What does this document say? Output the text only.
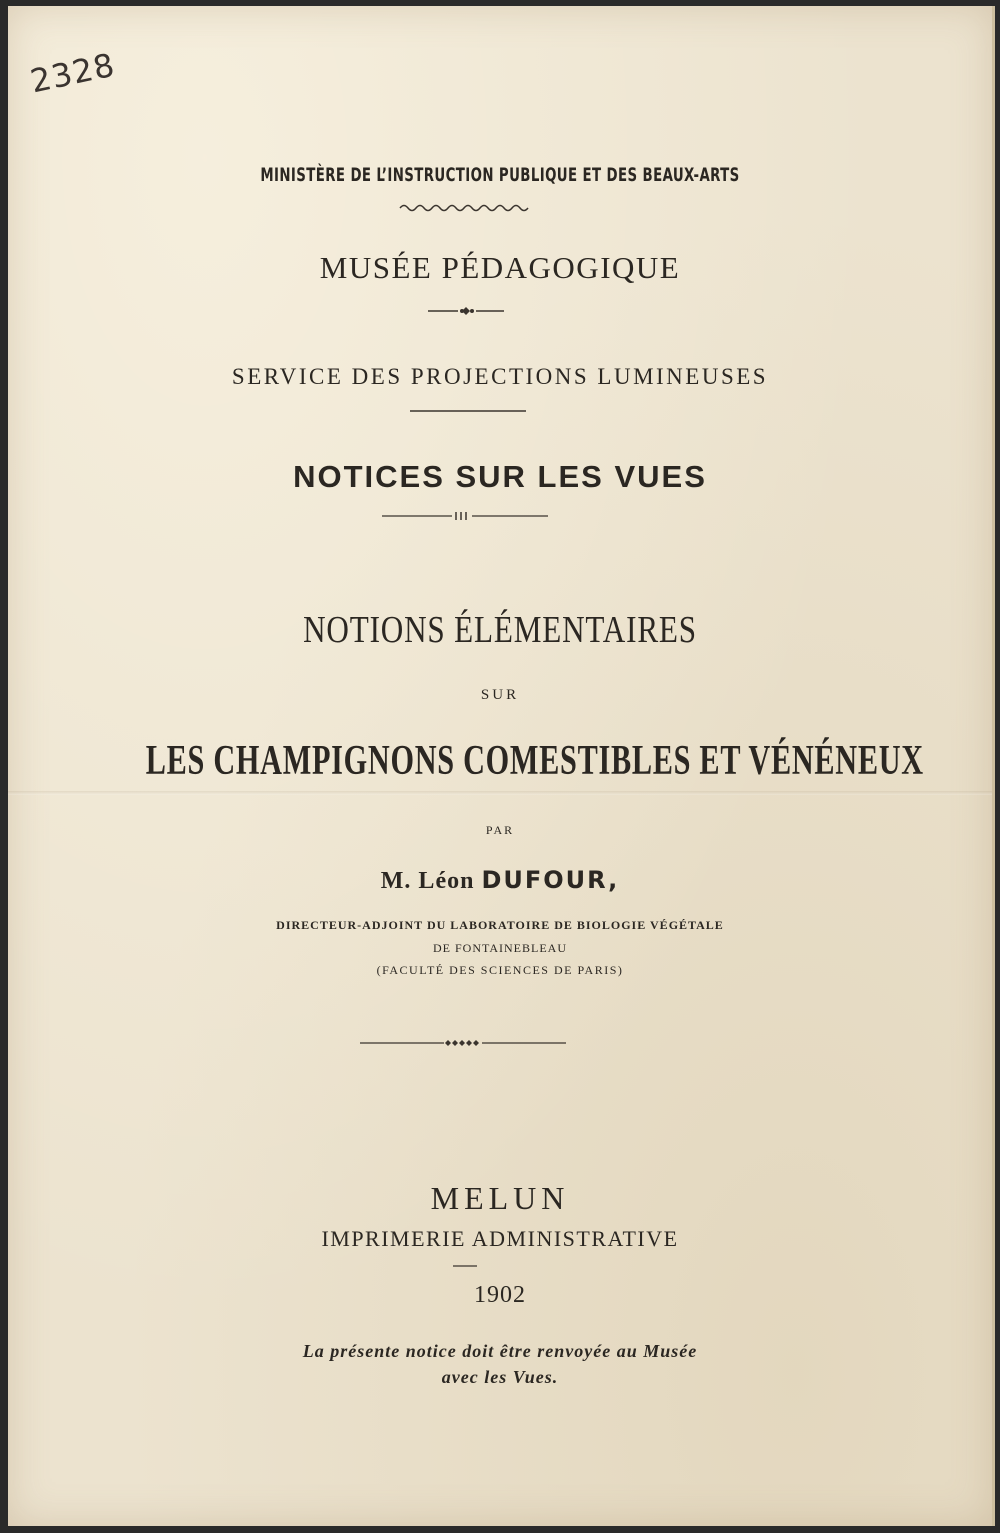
2328
MINISTÈRE DE L’INSTRUCTION PUBLIQUE ET DES BEAUX-ARTS
MUSÉE PÉDAGOGIQUE
SERVICE DES PROJECTIONS LUMINEUSES
NOTICES SUR LES VUES
NOTIONS ÉLÉMENTAIRES
SUR
LES CHAMPIGNONS COMESTIBLES ET VÉNÉNEUX
PAR
M. Léon DUFOUR,
DIRECTEUR-ADJOINT DU LABORATOIRE DE BIOLOGIE VÉGÉTALE
DE FONTAINEBLEAU
(FACULTÉ DES SCIENCES DE PARIS)
MELUN
IMPRIMERIE ADMINISTRATIVE
1902
La présente notice doit être renvoyée au Musée
avec les Vues.
